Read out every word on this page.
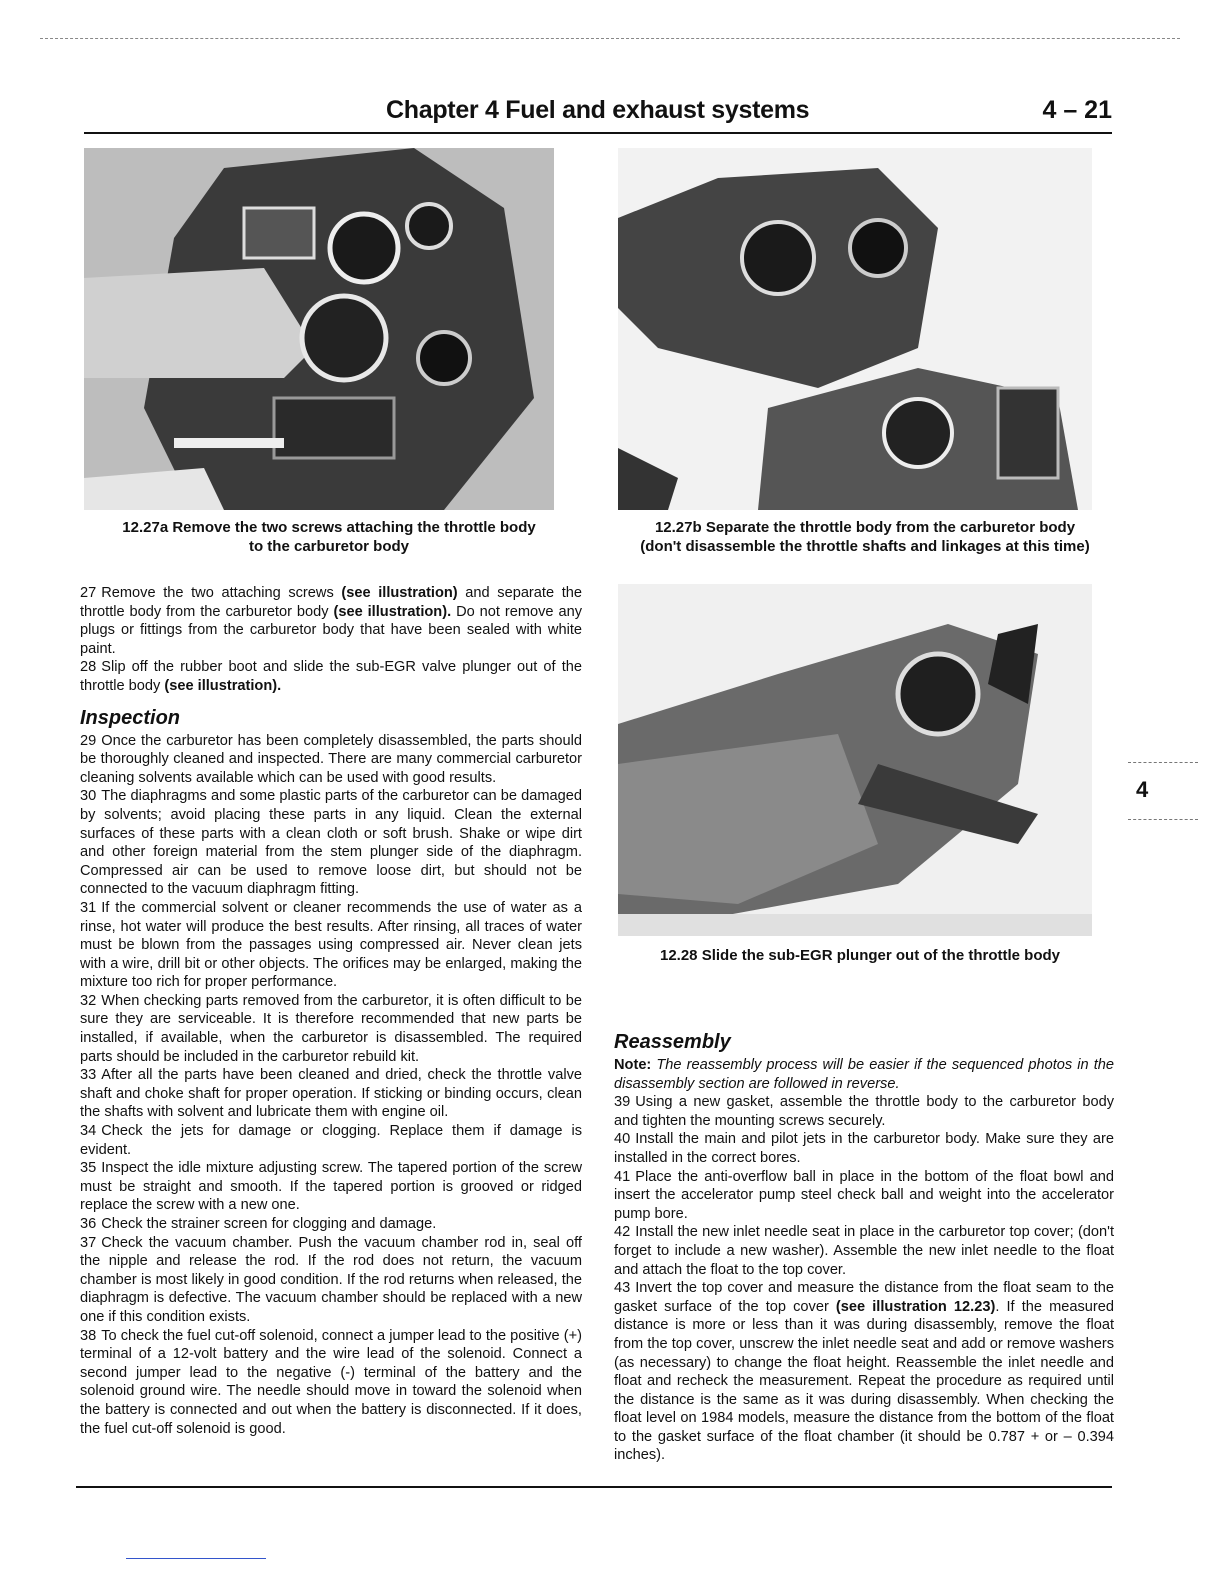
Chapter 4 Fuel and exhaust systems	4 – 21
12.27a Remove the two screws attaching the throttle body
to the carburetor body
12.27b Separate the throttle body from the carburetor body
(don't disassemble the throttle shafts and linkages at this time)
12.28 Slide the sub-EGR plunger out of the throttle body

27 Remove the two attaching screws (see illustration) and separate the throttle body from the carburetor body (see illustration). Do not remove any plugs or fittings from the carburetor body that have been sealed with white paint.

28 Slip off the rubber boot and slide the sub-EGR valve plunger out of the throttle body (see illustration).

Inspection

29 Once the carburetor has been completely disassembled, the parts should be thoroughly cleaned and inspected. There are many commercial carburetor cleaning solvents available which can be used with good results.

30 The diaphragms and some plastic parts of the carburetor can be damaged by solvents; avoid placing these parts in any liquid. Clean the external surfaces of these parts with a clean cloth or soft brush. Shake or wipe dirt and other foreign material from the stem plunger side of the diaphragm. Compressed air can be used to remove loose dirt, but should not be connected to the vacuum diaphragm fitting.

31 If the commercial solvent or cleaner recommends the use of water as a rinse, hot water will produce the best results. After rinsing, all traces of water must be blown from the passages using compressed air. Never clean jets with a wire, drill bit or other objects. The orifices may be enlarged, making the mixture too rich for proper performance.

32 When checking parts removed from the carburetor, it is often difficult to be sure they are serviceable. It is therefore recommended that new parts be installed, if available, when the carburetor is disassembled. The required parts should be included in the carburetor rebuild kit.

33 After all the parts have been cleaned and dried, check the throttle valve shaft and choke shaft for proper operation. If sticking or binding occurs, clean the shafts with solvent and lubricate them with engine oil.

34 Check the jets for damage or clogging. Replace them if damage is evident.

35 Inspect the idle mixture adjusting screw. The tapered portion of the screw must be straight and smooth. If the tapered portion is grooved or ridged replace the screw with a new one.

36 Check the strainer screen for clogging and damage.

37 Check the vacuum chamber. Push the vacuum chamber rod in, seal off the nipple and release the rod. If the rod does not return, the vacuum chamber is most likely in good condition. If the rod returns when released, the diaphragm is defective. The vacuum chamber should be replaced with a new one if this condition exists.

38 To check the fuel cut-off solenoid, connect a jumper lead to the positive (+) terminal of a 12-volt battery and the wire lead of the solenoid. Connect a second jumper lead to the negative (-) terminal of the battery and the solenoid ground wire. The needle should move in toward the solenoid when the battery is connected and out when the battery is disconnected. If it does, the fuel cut-off solenoid is good.

Reassembly

Note: The reassembly process will be easier if the sequenced photos in the disassembly section are followed in reverse.

39 Using a new gasket, assemble the throttle body to the carburetor body and tighten the mounting screws securely.

40 Install the main and pilot jets in the carburetor body. Make sure they are installed in the correct bores.

41 Place the anti-overflow ball in place in the bottom of the float bowl and insert the accelerator pump steel check ball and weight into the accelerator pump bore.

42 Install the new inlet needle seat in place in the carburetor top cover; (don't forget to include a new washer). Assemble the new inlet needle to the float and attach the float to the top cover.

43 Invert the top cover and measure the distance from the float seam to the gasket surface of the top cover (see illustration 12.23). If the measured distance is more or less than it was during disassembly, remove the float from the top cover, unscrew the inlet needle seat and add or remove washers (as necessary) to change the float height. Reassemble the inlet needle and float and recheck the measurement. Repeat the procedure as required until the distance is the same as it was during disassembly. When checking the float level on 1984 models, measure the distance from the bottom of the float to the gasket surface of the float chamber (it should be 0.787 + or – 0.394 inches).

4
